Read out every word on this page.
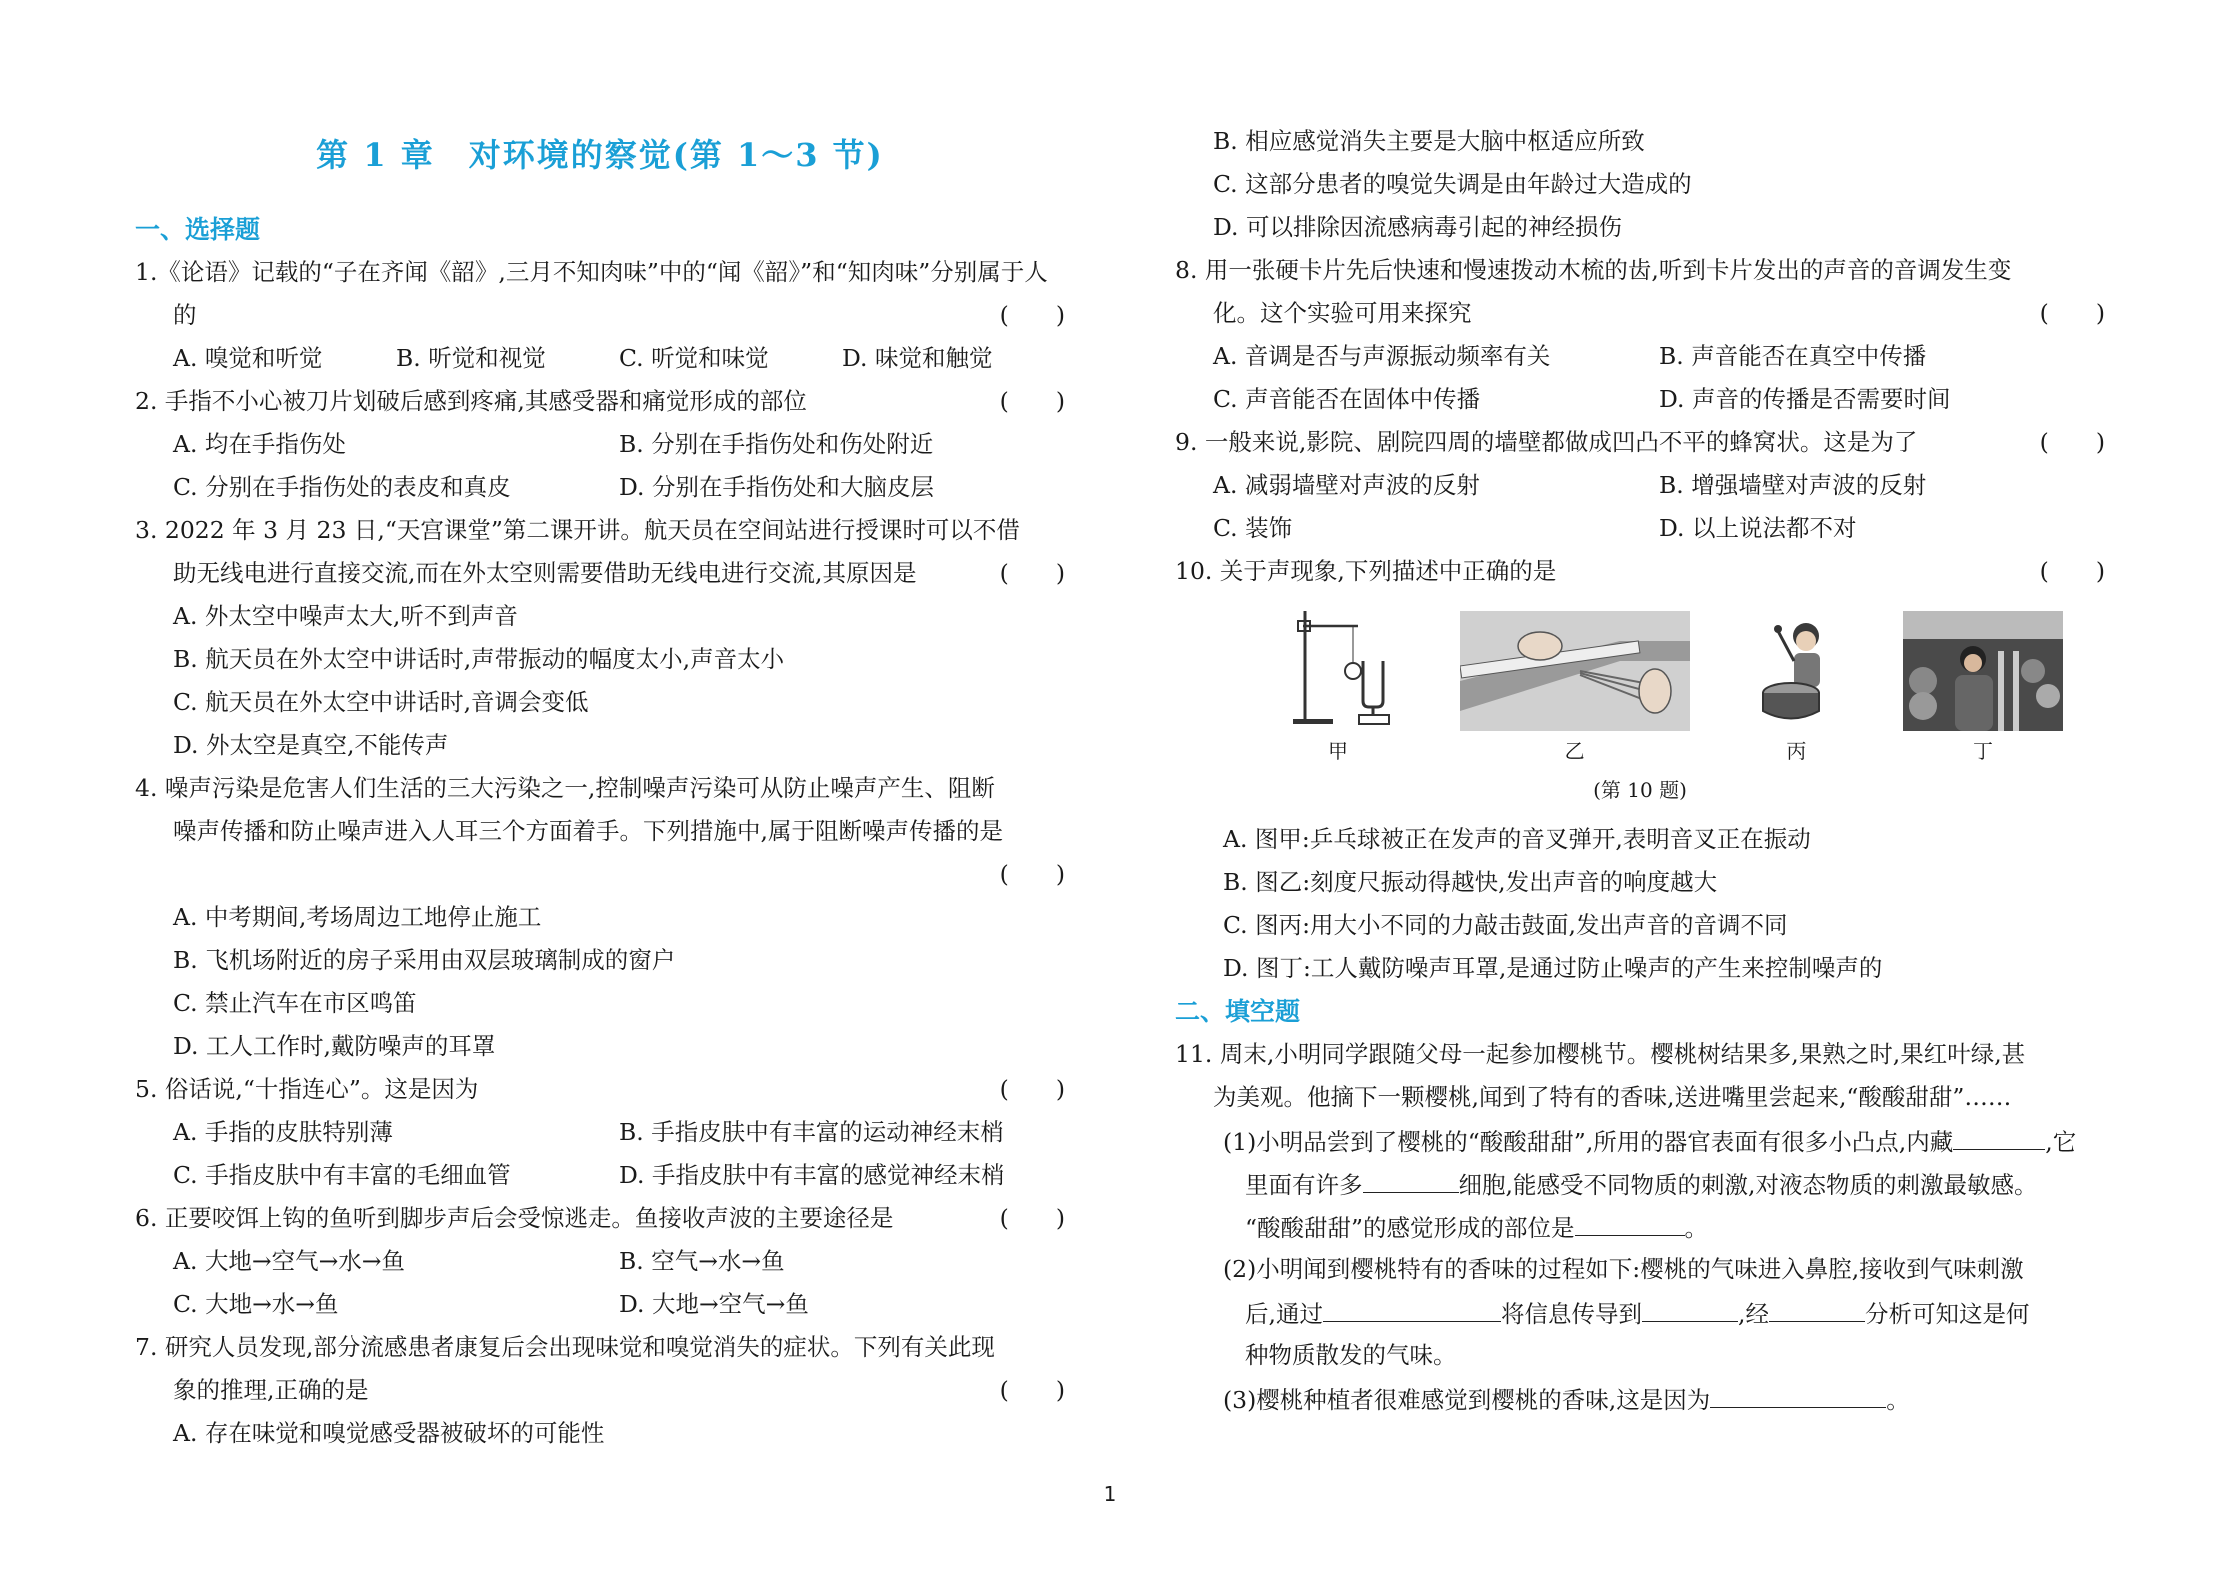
第 1 章　对环境的察觉(第 1～3 节)
一、选择题
1.《论语》记载的“子在齐闻《韶》,三月不知肉味”中的“闻《韶》”和“知肉味”分别属于人
的	(　　)
A. 嗅觉和听觉	B. 听觉和视觉	C. 听觉和味觉	D. 味觉和触觉
2. 手指不小心被刀片划破后感到疼痛,其感受器和痛觉形成的部位	(　　)
A. 均在手指伤处	B. 分别在手指伤处和伤处附近
C. 分别在手指伤处的表皮和真皮	D. 分别在手指伤处和大脑皮层
3. 2022 年 3 月 23 日,“天宫课堂”第二课开讲。航天员在空间站进行授课时可以不借
助无线电进行直接交流,而在外太空则需要借助无线电进行交流,其原因是	(　　)
A. 外太空中噪声太大,听不到声音
B. 航天员在外太空中讲话时,声带振动的幅度太小,声音太小
C. 航天员在外太空中讲话时,音调会变低
D. 外太空是真空,不能传声
4. 噪声污染是危害人们生活的三大污染之一,控制噪声污染可从防止噪声产生、阻断
噪声传播和防止噪声进入人耳三个方面着手。下列措施中,属于阻断噪声传播的是
(　　)
A. 中考期间,考场周边工地停止施工
B. 飞机场附近的房子采用由双层玻璃制成的窗户
C. 禁止汽车在市区鸣笛
D. 工人工作时,戴防噪声的耳罩
5. 俗话说,“十指连心”。这是因为	(　　)
A. 手指的皮肤特别薄	B. 手指皮肤中有丰富的运动神经末梢
C. 手指皮肤中有丰富的毛细血管	D. 手指皮肤中有丰富的感觉神经末梢
6. 正要咬饵上钩的鱼听到脚步声后会受惊逃走。鱼接收声波的主要途径是	(　　)
A. 大地→空气→水→鱼	B. 空气→水→鱼
C. 大地→水→鱼	D. 大地→空气→鱼
7. 研究人员发现,部分流感患者康复后会出现味觉和嗅觉消失的症状。下列有关此现
象的推理,正确的是	(　　)
A. 存在味觉和嗅觉感受器被破坏的可能性
B. 相应感觉消失主要是大脑中枢适应所致
C. 这部分患者的嗅觉失调是由年龄过大造成的
D. 可以排除因流感病毒引起的神经损伤
8. 用一张硬卡片先后快速和慢速拨动木梳的齿,听到卡片发出的声音的音调发生变
化。这个实验可用来探究	(　　)
A. 音调是否与声源振动频率有关	B. 声音能否在真空中传播
C. 声音能否在固体中传播	D. 声音的传播是否需要时间
9. 一般来说,影院、剧院四周的墙壁都做成凹凸不平的蜂窝状。这是为了	(　　)
A. 减弱墙壁对声波的反射	B. 增强墙壁对声波的反射
C. 装饰	D. 以上说法都不对
10. 关于声现象,下列描述中正确的是	(　　)
甲	乙	丙	丁
(第 10 题)
A. 图甲:乒乓球被正在发声的音叉弹开,表明音叉正在振动
B. 图乙:刻度尺振动得越快,发出声音的响度越大
C. 图丙:用大小不同的力敲击鼓面,发出声音的音调不同
D. 图丁:工人戴防噪声耳罩,是通过防止噪声的产生来控制噪声的
二、填空题
11. 周末,小明同学跟随父母一起参加樱桃节。樱桃树结果多,果熟之时,果红叶绿,甚
为美观。他摘下一颗樱桃,闻到了特有的香味,送进嘴里尝起来,“酸酸甜甜”……
(1)小明品尝到了樱桃的“酸酸甜甜”,所用的器官表面有很多小凸点,内藏	,它
里面有许多	细胞,能感受不同物质的刺激,对液态物质的刺激最敏感。
“酸酸甜甜”的感觉形成的部位是	。
(2)小明闻到樱桃特有的香味的过程如下:樱桃的气味进入鼻腔,接收到气味刺激
后,通过	将信息传导到	,经	分析可知这是何
种物质散发的气味。
(3)樱桃种植者很难感觉到樱桃的香味,这是因为	。
1
